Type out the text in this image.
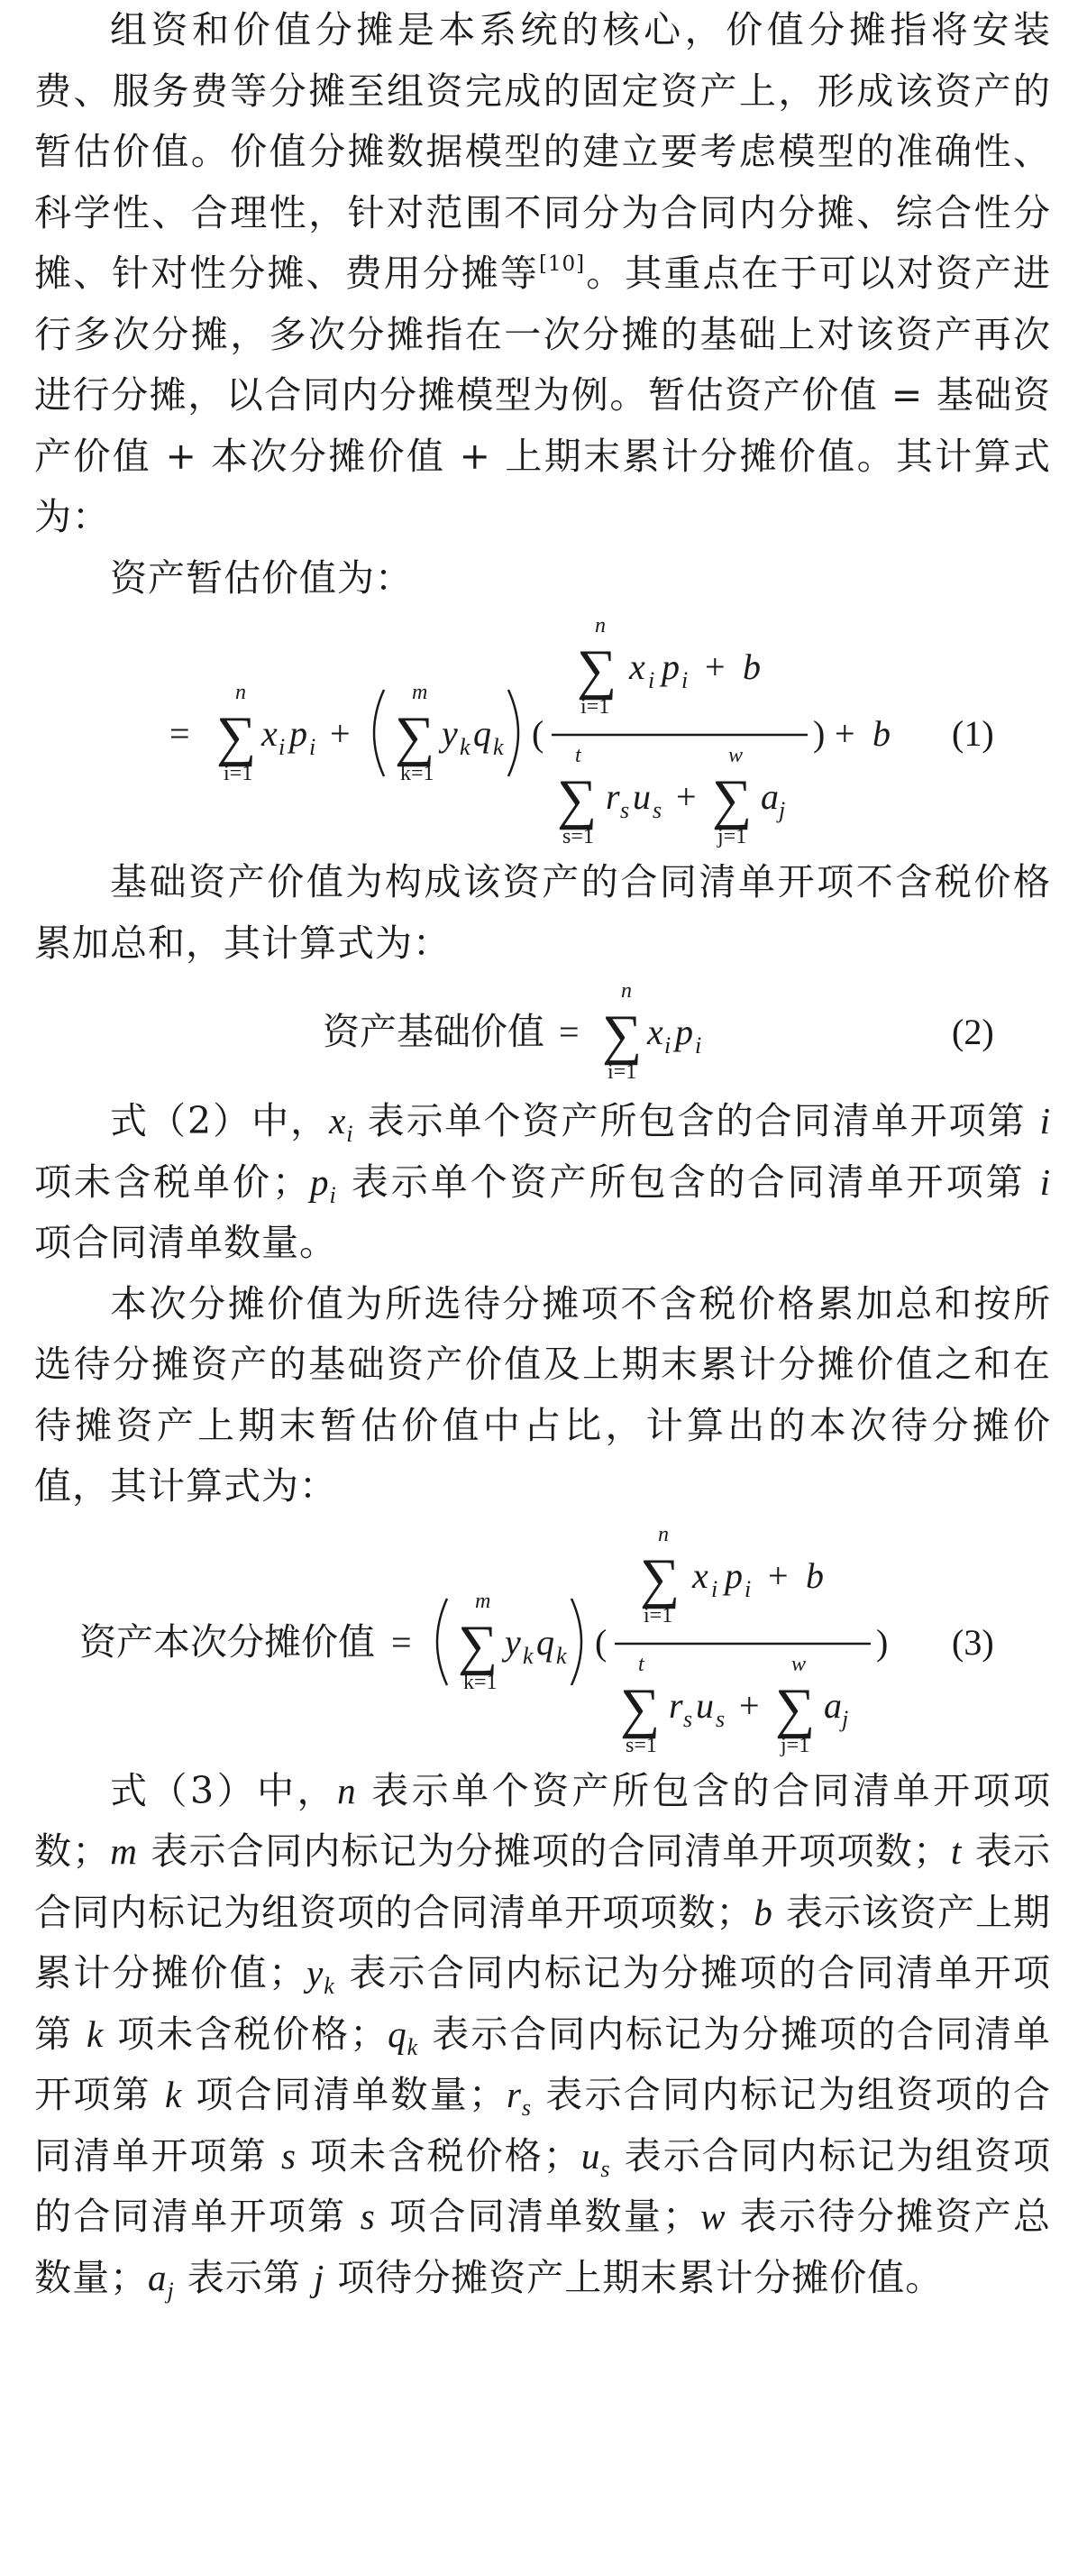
组资和价值分摊是本系统的核心，价值分摊指将安装费、服务费等分摊至组资完成的固定资产上，形成该资产的暂估价值。价值分摊数据模型的建立要考虑模型的准确性、科学性、合理性，针对范围不同分为合同内分摊、综合性分摊、针对性分摊、费用分摊等[10]。其重点在于可以对资产进行多次分摊，多次分摊指在一次分摊的基础上对该资产再次进行分摊，以合同内分摊模型为例。暂估资产价值 = 基础资产价值 + 本次分摊价值 + 上期末累计分摊价值。其计算式为：

资产暂估价值为：

= ∑
n
i=1
x i p i + ∑
m
k=1
y k q k (
∑
n
i=1
x i p i + b
∑
t
s=1
r s u s + ∑
w
j=1
a j
) + b (1)

基础资产价值为构成该资产的合同清单开项不含税价格累加总和，其计算式为：

资产基础价值 = ∑
n
i=1
x i p i	(2)

式（2）中，$x_i$ 表示单个资产所包含的合同清单开项第 i 项未含税单价；$p_i$ 表示单个资产所包含的合同清单开项第 i 项合同清单数量。

本次分摊价值为所选待分摊项不含税价格累加总和按所选待分摊资产的基础资产价值及上期末累计分摊价值之和在待摊资产上期末暂估价值中占比，计算出的本次待分摊价值，其计算式为：

资产本次分摊价值 = ∑
m
k=1
y k q k (
∑
n
i=1
x i p i + b
∑
t
s=1
r s u s + ∑
w
j=1
a j
) (3)

式（3）中，n 表示单个资产所包含的合同清单开项项数；m 表示合同内标记为分摊项的合同清单开项项数；t 表示合同内标记为组资项的合同清单开项项数；b 表示该资产上期累计分摊价值；$y_k$ 表示合同内标记为分摊项的合同清单开项第 k 项未含税价格；$q_k$ 表示合同内标记为分摊项的合同清单开项第 k 项合同清单数量；$r_s$ 表示合同内标记为组资项的合同清单开项第 s 项未含税价格；$u_s$ 表示合同内标记为组资项的合同清单开项第 s 项合同清单数量；w 表示待分摊资产总数量；$a_j$ 表示第 j 项待分摊资产上期末累计分摊价值。
